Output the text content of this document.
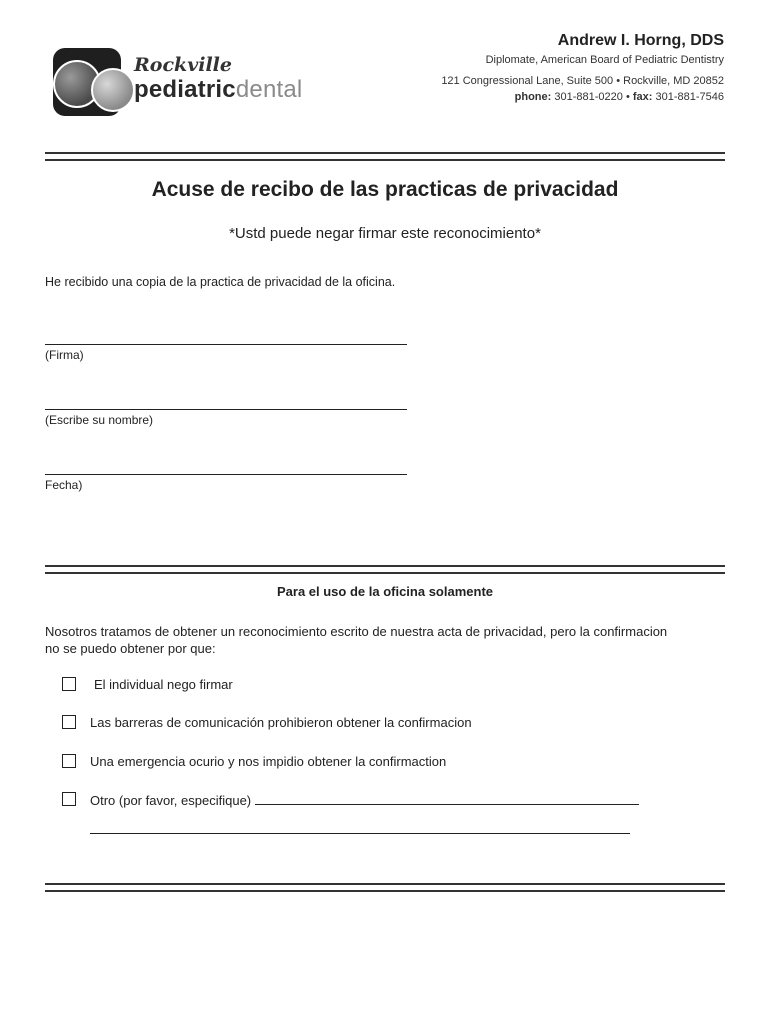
Rockville
pediatricdental
Andrew I. Horng, DDS
Diplomate, American Board of Pediatric Dentistry
121 Congressional Lane, Suite 500 • Rockville, MD 20852
phone: 301-881-0220 • fax: 301-881-7546
Acuse de recibo de las practicas de privacidad
*Ustd puede negar firmar este reconocimiento*
He recibido una copia de la practica de privacidad de la oficina.
(Firma)
(Escribe su nombre)
Fecha)
Para el uso de la oficina solamente
Nosotros tratamos de obtener un reconocimiento escrito de nuestra acta de privacidad, pero la confirmacion
no se puedo obtener por que:
El individual nego firmar
Las barreras de comunicación prohibieron obtener la confirmacion
Una emergencia ocurio y nos impidio obtener la confirmaction
Otro (por favor, especifique)
